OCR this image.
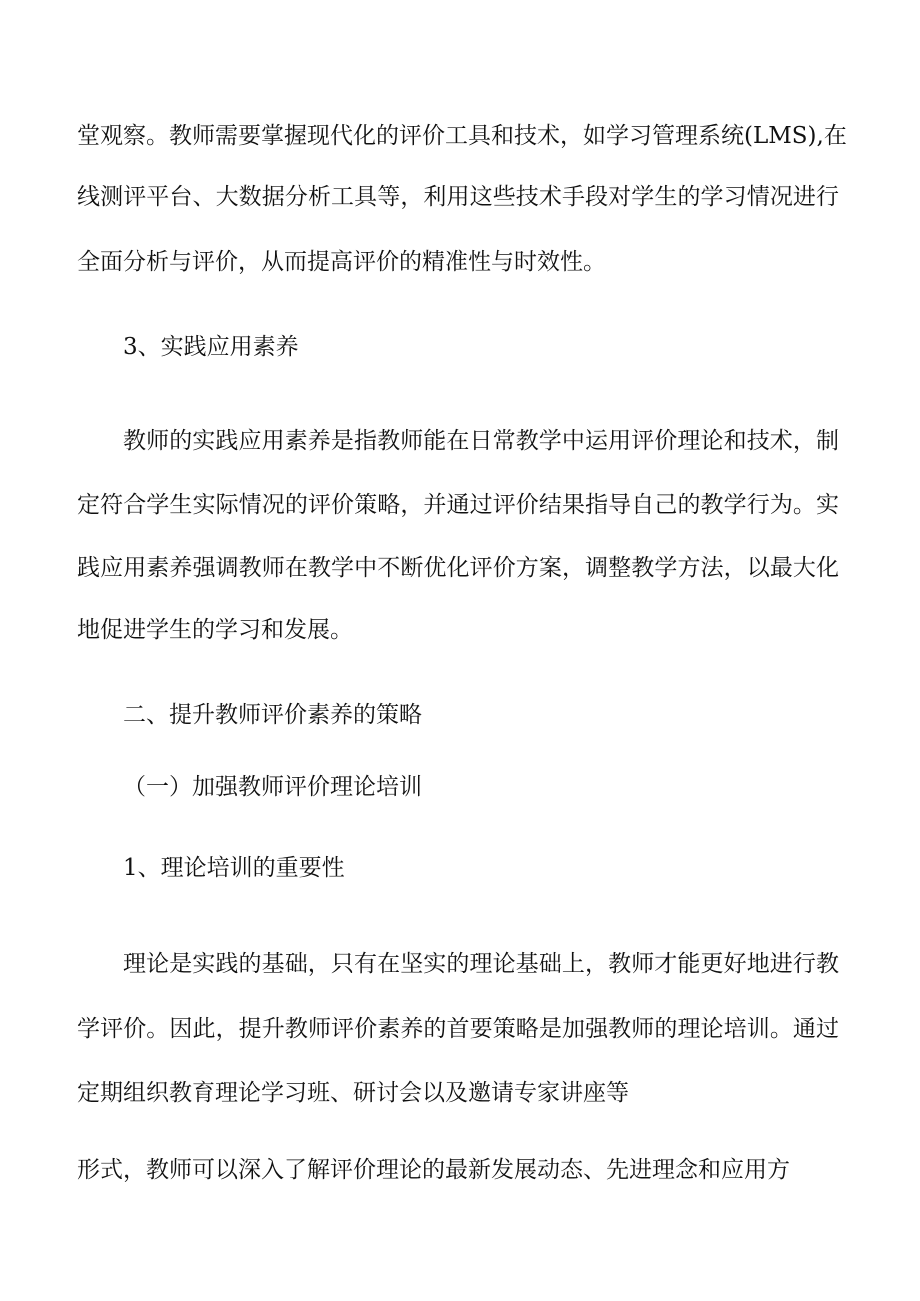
堂观察。教师需要掌握现代化的评价工具和技术，如学习管理系统(LMS),在
线测评平台、大数据分析工具等，利用这些技术手段对学生的学习情况进行
全面分析与评价，从而提高评价的精准性与时效性。
3、实践应用素养
教师的实践应用素养是指教师能在日常教学中运用评价理论和技术，制
定符合学生实际情况的评价策略，并通过评价结果指导自己的教学行为。实
践应用素养强调教师在教学中不断优化评价方案，调整教学方法，以最大化
地促进学生的学习和发展。
二、提升教师评价素养的策略
（一）加强教师评价理论培训
1、理论培训的重要性
理论是实践的基础，只有在坚实的理论基础上，教师才能更好地进行教
学评价。因此，提升教师评价素养的首要策略是加强教师的理论培训。通过
定期组织教育理论学习班、研讨会以及邀请专家讲座等
形式，教师可以深入了解评价理论的最新发展动态、先进理念和应用方
